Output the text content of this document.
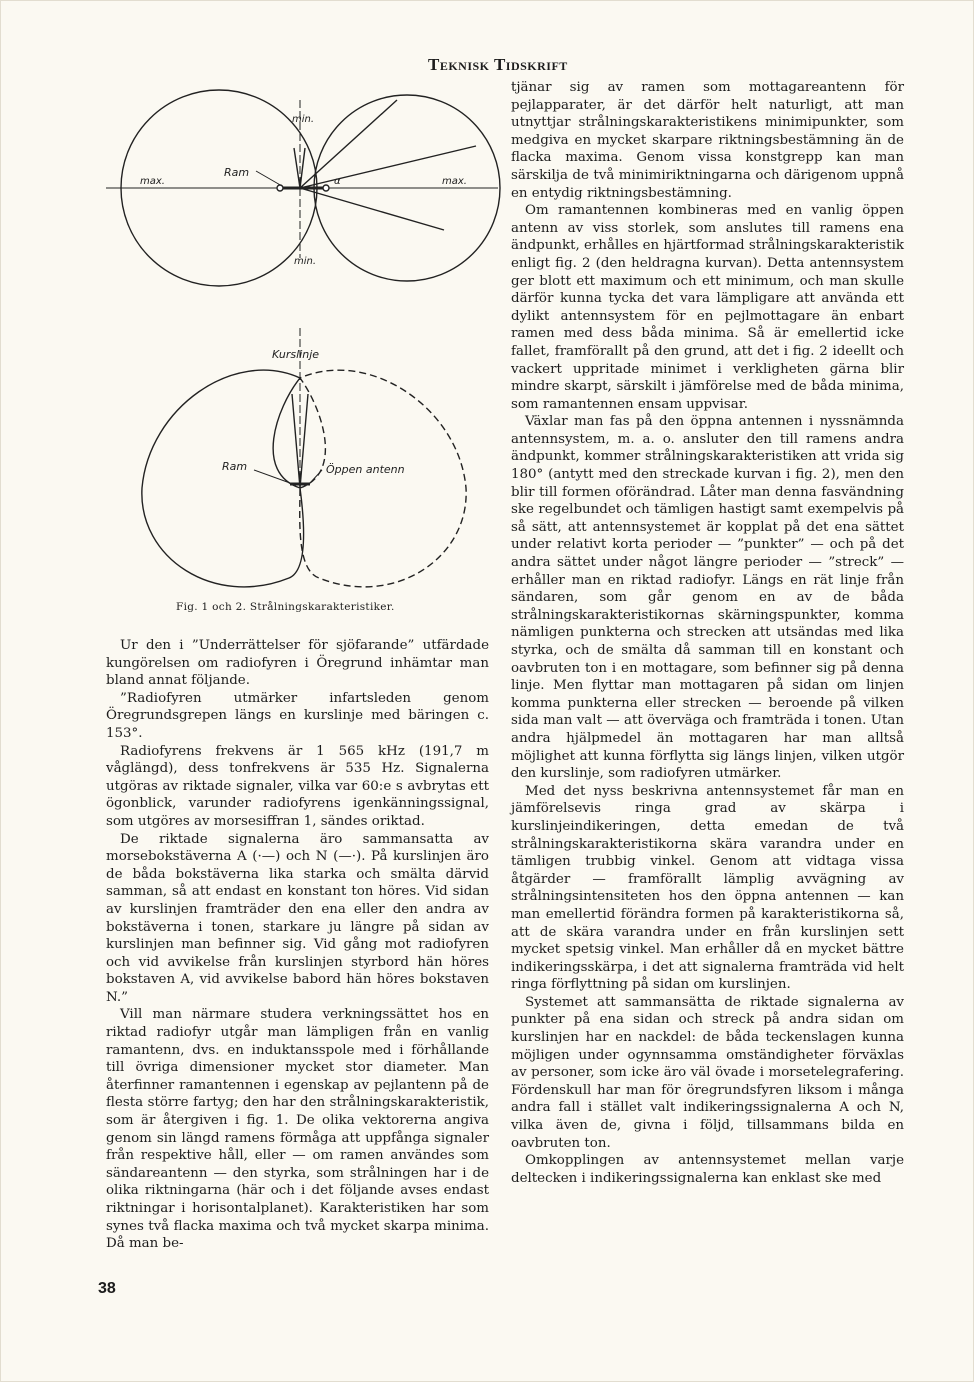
Teknisk Tidskrift
min.
min.
max.	max.
Ram
α
Kurslinje
Ram	Öppen antenn
Fig. 1 och 2. Strålningskarakteristiker.

Ur den i ”Underrättelser för sjöfarande” utfärdade kungörelsen om radiofyren i Öregrund inhämtar man bland annat följande.

”Radiofyren utmärker infartsleden genom Öregrundsgrepen längs en kurslinje med bäringen c. 153°.

Radiofyrens frekvens är 1 565 kHz (191,7 m våglängd), dess tonfrekvens är 535 Hz. Signalerna utgöras av riktade signaler, vilka var 60:e s avbrytas ett ögonblick, varunder radiofyrens igenkänningssignal, som utgöres av morsesiffran 1, sändes oriktad.

De riktade signalerna äro sammansatta av morsebokstäverna A (·—) och N (—·). På kurslinjen äro de båda bokstäverna lika starka och smälta därvid samman, så att endast en konstant ton höres. Vid sidan av kurslinjen framträder den ena eller den andra av bokstäverna i tonen, starkare ju längre på sidan av kurslinjen man befinner sig. Vid gång mot radiofyren och vid avvikelse från kurslinjen styrbord hän höres bokstaven A, vid avvikelse babord hän höres bokstaven N.”

Vill man närmare studera verkningssättet hos en riktad radiofyr utgår man lämpligen från en vanlig ramantenn, dvs. en induktansspole med i förhållande till övriga dimensioner mycket stor diameter. Man återfinner ramantennen i egenskap av pejlantenn på de flesta större fartyg; den har den strålningskarakteristik, som är återgiven i fig. 1. De olika vektorerna angiva genom sin längd ramens förmåga att uppfånga signaler från respektive håll, eller — om ramen användes som sändareantenn — den styrka, som strålningen har i de olika riktningarna (här och i det följande avses endast riktningar i horisontalplanet). Karakteristiken har som synes två flacka maxima och två mycket skarpa minima. Då man be-

tjänar sig av ramen som mottagareantenn för pejlapparater, är det därför helt naturligt, att man utnyttjar strålningskarakteristikens minimipunkter, som medgiva en mycket skarpare riktningsbestämning än de flacka maxima. Genom vissa konstgrepp kan man särskilja de två minimiriktningarna och därigenom uppnå en entydig riktningsbestämning.

Om ramantennen kombineras med en vanlig öppen antenn av viss storlek, som anslutes till ramens ena ändpunkt, erhålles en hjärtformad strålningskarakteristik enligt fig. 2 (den heldragna kurvan). Detta antennsystem ger blott ett maximum och ett minimum, och man skulle därför kunna tycka det vara lämpligare att använda ett dylikt antennsystem för en pejlmottagare än enbart ramen med dess båda minima. Så är emellertid icke fallet, framförallt på den grund, att det i fig. 2 ideellt och vackert uppritade minimet i verkligheten gärna blir mindre skarpt, särskilt i jämförelse med de båda minima, som ramantennen ensam uppvisar.

Växlar man fas på den öppna antennen i nyssnämnda antennsystem, m. a. o. ansluter den till ramens andra ändpunkt, kommer strålningskarakteristiken att vrida sig 180° (antytt med den streckade kurvan i fig. 2), men den blir till formen oförändrad. Låter man denna fasvändning ske regelbundet och tämligen hastigt samt exempelvis på så sätt, att antennsystemet är kopplat på det ena sättet under relativt korta perioder — ”punkter” — och på det andra sättet under något längre perioder — ”streck” — erhåller man en riktad radiofyr. Längs en rät linje från sändaren, som går genom en av de båda strålningskarakteristikornas skärningspunkter, komma nämligen punkterna och strecken att utsändas med lika styrka, och de smälta då samman till en konstant och oavbruten ton i en mottagare, som befinner sig på denna linje. Men flyttar man mottagaren på sidan om linjen komma punkterna eller strecken — beroende på vilken sida man valt — att överväga och framträda i tonen. Utan andra hjälpmedel än mottagaren har man alltså möjlighet att kunna förflytta sig längs linjen, vilken utgör den kurslinje, som radiofyren utmärker.

Med det nyss beskrivna antennsystemet får man en jämförelsevis ringa grad av skärpa i kurslinjeindikeringen, detta emedan de två strålningskarakteristikorna skära varandra under en tämligen trubbig vinkel. Genom att vidtaga vissa åtgärder — framförallt lämplig avvägning av strålningsintensiteten hos den öppna antennen — kan man emellertid förändra formen på karakteristikorna så, att de skära varandra under en från kurslinjen sett mycket spetsig vinkel. Man erhåller då en mycket bättre indikeringsskärpa, i det att signalerna framträda vid helt ringa förflyttning på sidan om kurslinjen.

Systemet att sammansätta de riktade signalerna av punkter på ena sidan och streck på andra sidan om kurslinjen har en nackdel: de båda teckenslagen kunna möjligen under ogynnsamma omständigheter förväxlas av personer, som icke äro väl övade i morsetelegrafering. Fördenskull har man för öregrundsfyren liksom i många andra fall i stället valt indikeringssignalerna A och N, vilka även de, givna i följd, tillsammans bilda en oavbruten ton.

Omkopplingen av antennsystemet mellan varje deltecken i indikeringssignalerna kan enklast ske med

38
